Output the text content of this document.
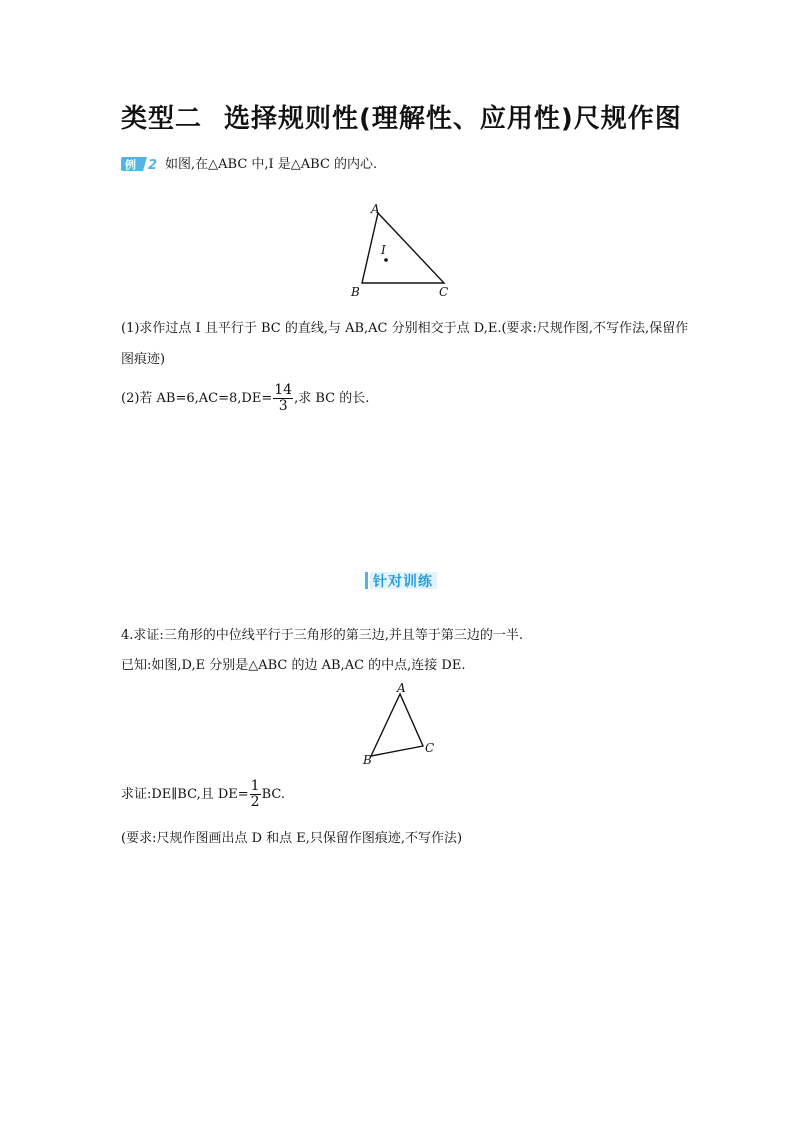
类型二 选择规则性(理解性、应用性)尺规作图
例 2 如图,在△ABC 中,I 是△ABC 的内心.
A
B	C
I
(1)求作过点 I 且平行于 BC 的直线,与 AB,AC 分别相交于点 D,E.(要求:尺规作图,不写作法,保留作
图痕迹)
(2)若 $AB=6,AC=8,DE= \frac{14}{3}$ ,求 BC 的长.
针对训练
4.求证:三角形的中位线平行于三角形的第三边,并且等于第三边的一半.
已知:如图,D,E 分别是△ABC 的边 AB,AC 的中点,连接 DE.
A
B
C
求证:DE∥BC,且 $DE= \frac{1}{2}$ BC.
(要求:尺规作图画出点 D 和点 E,只保留作图痕迹,不写作法)
